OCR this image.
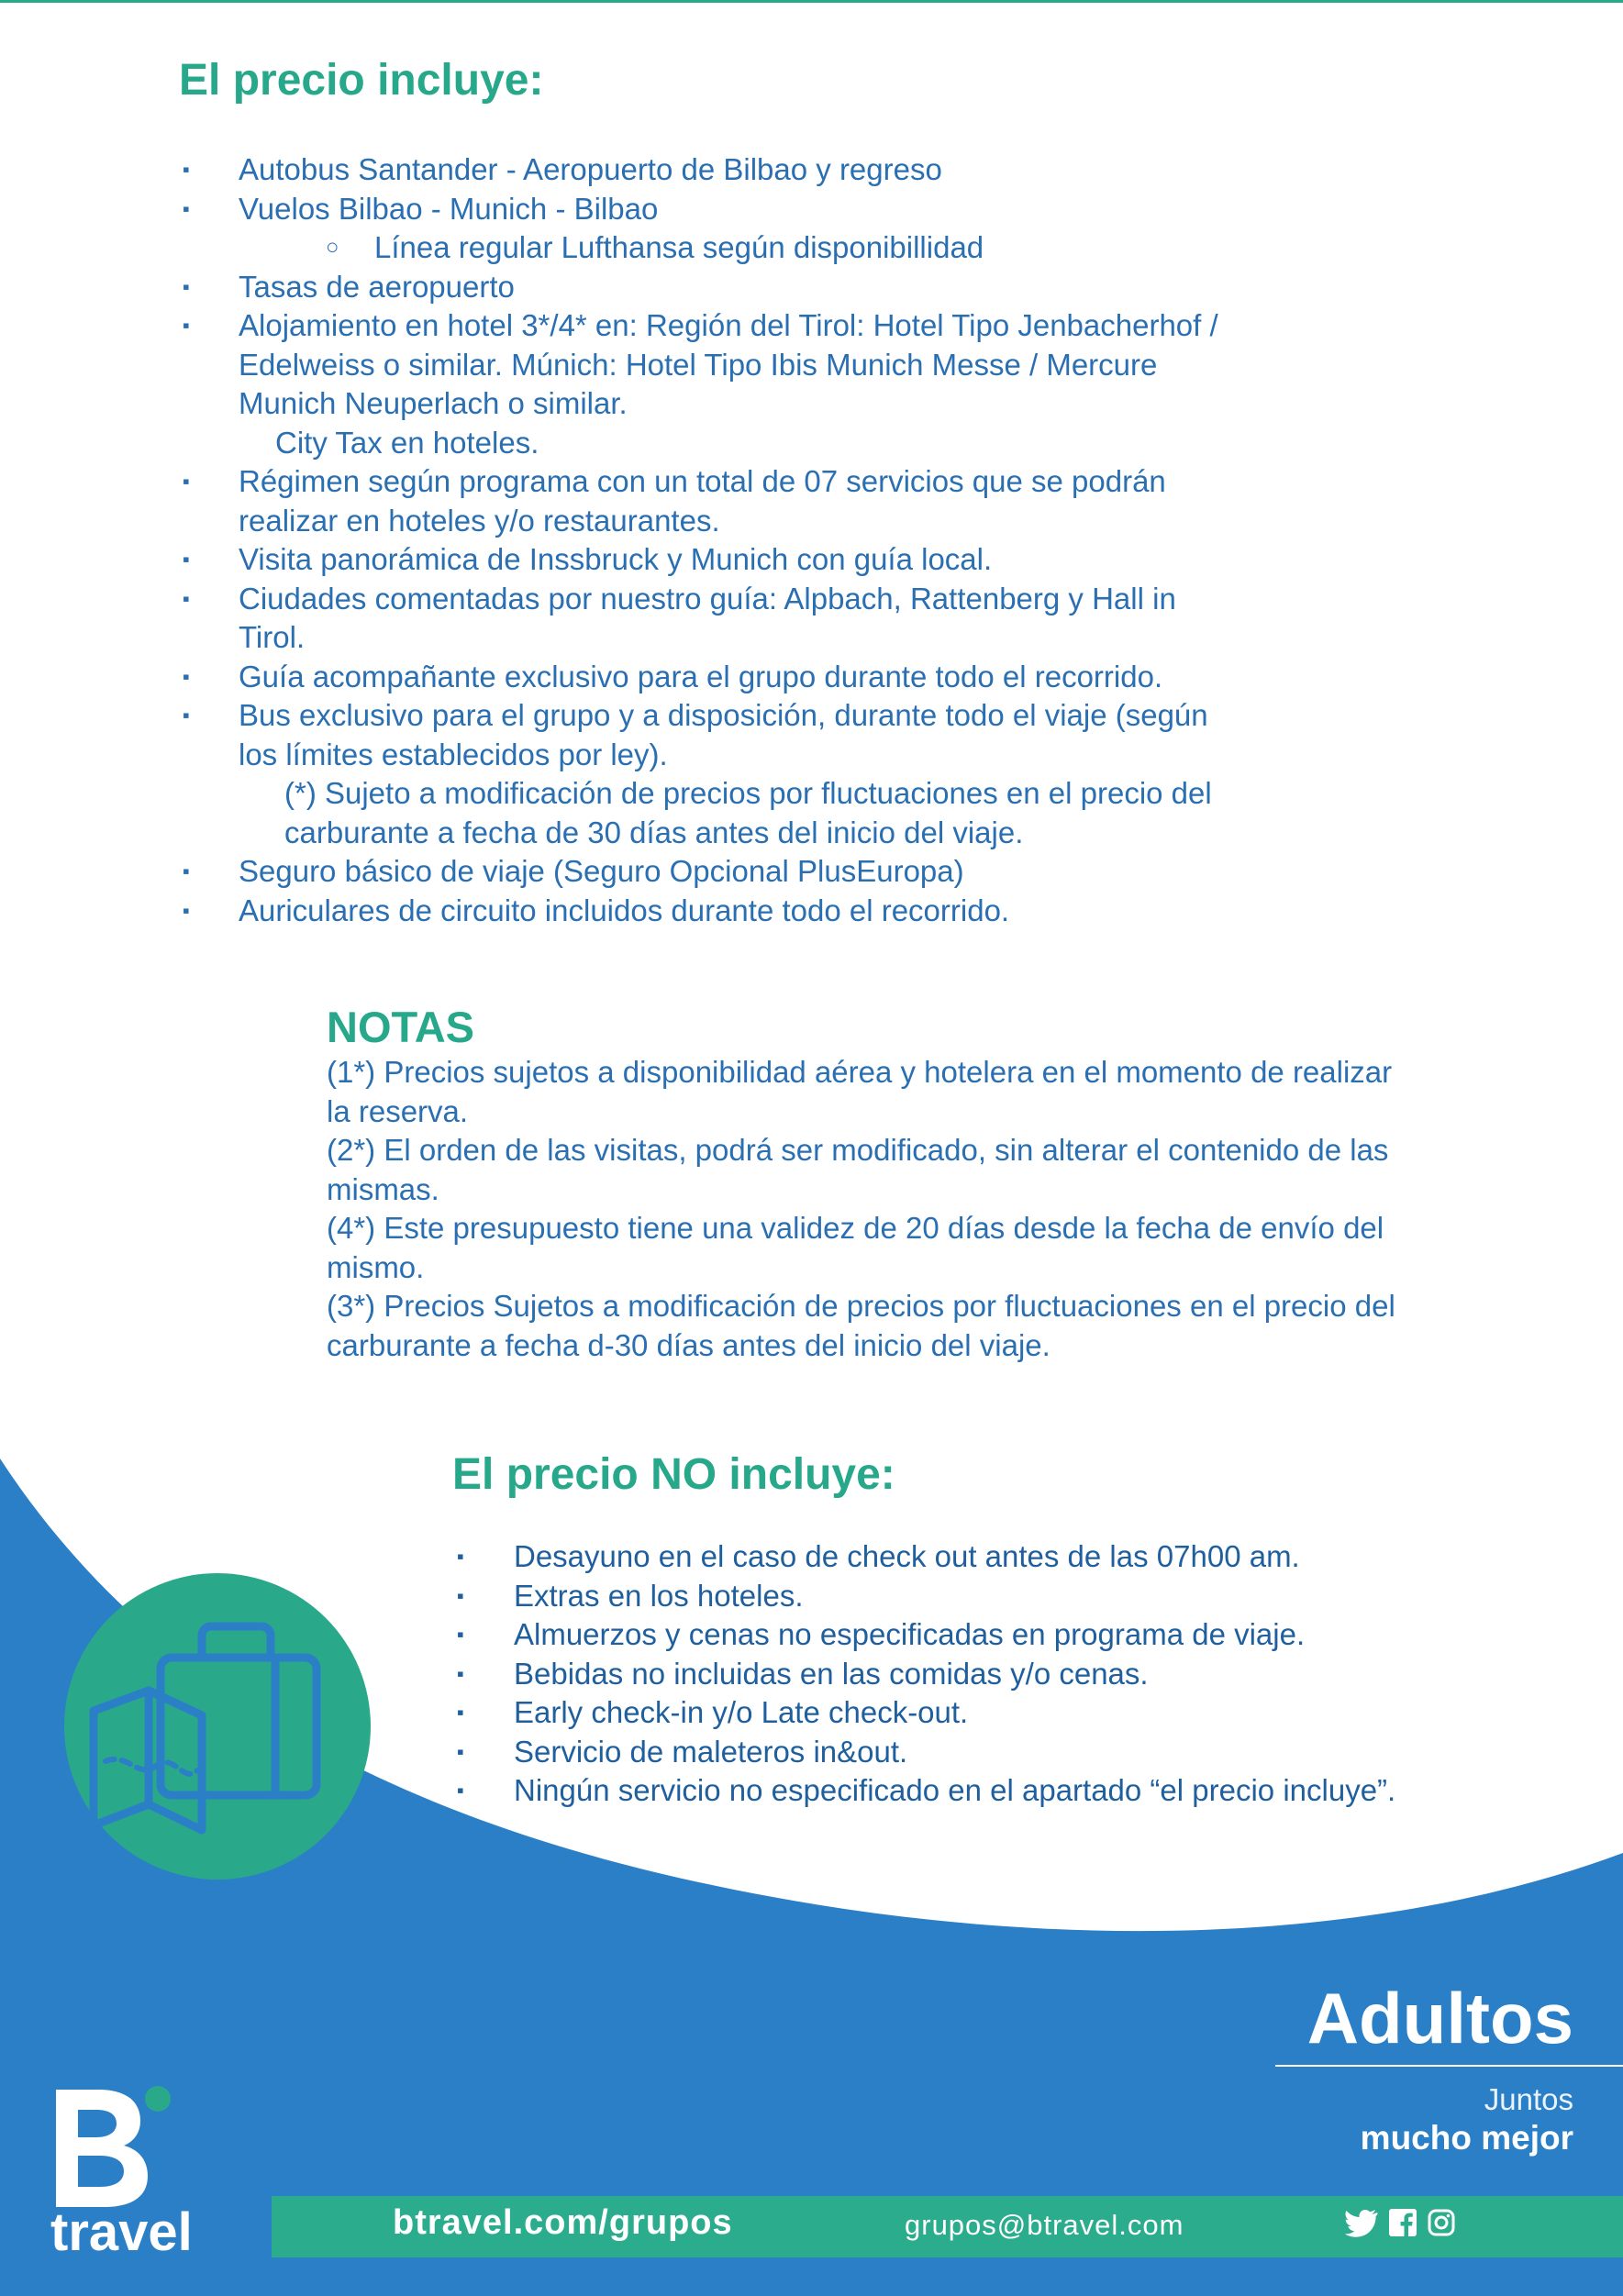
El precio incluye:
▪ Autobus Santander - Aeropuerto de Bilbao y regreso
▪ Vuelos Bilbao - Munich - Bilbao
○ Línea regular Lufthansa según disponibillidad
▪ Tasas de aeropuerto
▪ Alojamiento en hotel 3*/4* en: Región del Tirol: Hotel Tipo Jenbacherhof /
Edelweiss o similar. Múnich: Hotel Tipo Ibis Munich Messe / Mercure
Munich Neuperlach o similar.
City Tax en hoteles.
▪ Régimen según programa con un total de 07 servicios que se podrán
realizar en hoteles y/o restaurantes.
▪ Visita panorámica de Inssbruck y Munich con guía local.
▪ Ciudades comentadas por nuestro guía: Alpbach, Rattenberg y Hall in
Tirol.
▪ Guía acompañante exclusivo para el grupo durante todo el recorrido.
▪ Bus exclusivo para el grupo y a disposición, durante todo el viaje (según
los límites establecidos por ley).
(*) Sujeto a modificación de precios por fluctuaciones en el precio del
carburante a fecha de 30 días antes del inicio del viaje.
▪ Seguro básico de viaje (Seguro Opcional PlusEuropa)
▪ Auriculares de circuito incluidos durante todo el recorrido.
NOTAS

(1*) Precios sujetos a disponibilidad aérea y hotelera en el momento de realizar

la reserva.

(2*) El orden de las visitas, podrá ser modificado, sin alterar el contenido de las

mismas.

(4*) Este presupuesto tiene una validez de 20 días desde la fecha de envío del

mismo.

(3*) Precios Sujetos a modificación de precios por fluctuaciones en el precio del

carburante a fecha d-30 días antes del inicio del viaje.

El precio NO incluye:
▪ Desayuno en el caso de check out antes de las 07h00 am.
▪ Extras en los hoteles.
▪ Almuerzos y cenas no especificadas en programa de viaje.
▪ Bebidas no incluidas en las comidas y/o cenas.
▪ Early check-in y/o Late check-out.
▪ Servicio de maleteros in&out.
▪ Ningún servicio no especificado en el apartado “el precio incluye”.
Adultos
Juntos
mucho mejor
travel	btravel.com/grupos	grupos@btravel.com
